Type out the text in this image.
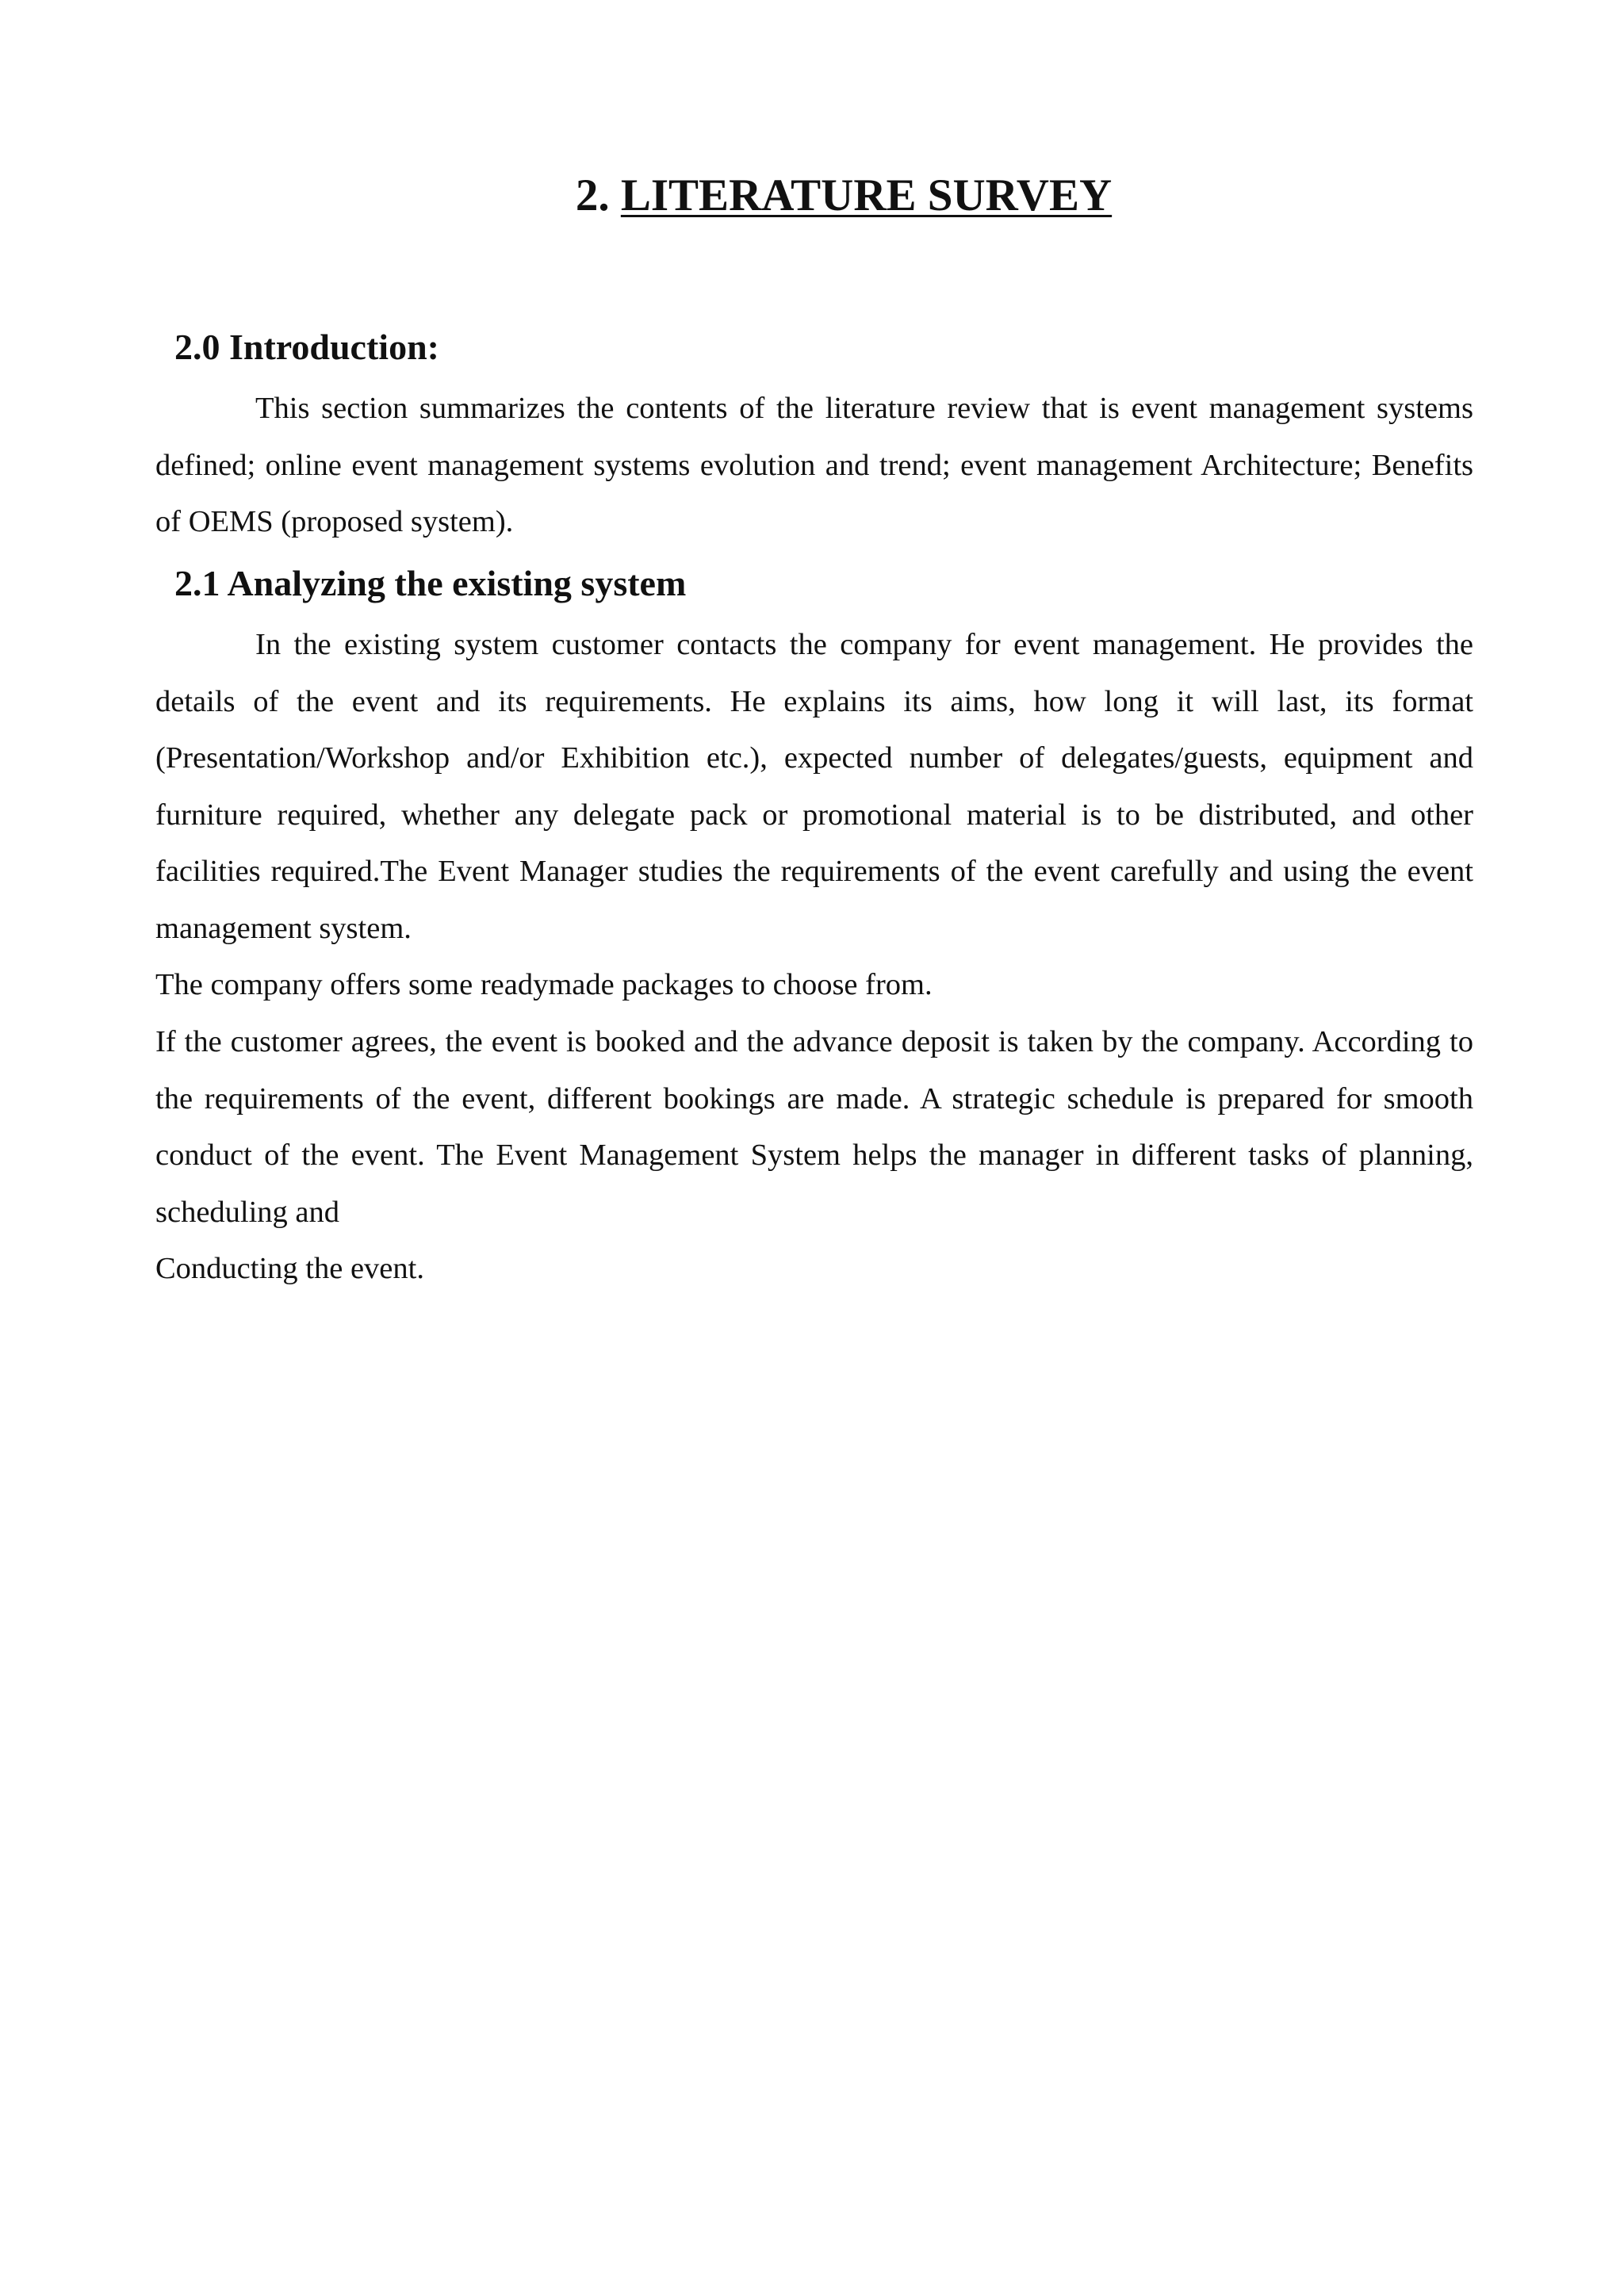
2. LITERATURE SURVEY
2.0 Introduction:

This section summarizes the contents of the literature review that is event management systems defined; online event management systems evolution and trend; event management Architecture; Benefits of OEMS (proposed system).

2.1 Analyzing the existing system

In the existing system customer contacts the company for event management. He provides the details of the event and its requirements. He explains its aims, how long it will last, its format (Presentation/Workshop and/or Exhibition etc.), expected number of delegates/guests, equipment and furniture required, whether any delegate pack or promotional material is to be distributed, and other facilities required.The Event Manager studies the requirements of the event carefully and using the event management system.

The company offers some readymade packages to choose from.

If the customer agrees, the event is booked and the advance deposit is taken by the company. According to the requirements of the event, different bookings are made. A strategic schedule is prepared for smooth conduct of the event. The Event Management System helps the manager in different tasks of planning, scheduling and

Conducting the event.
